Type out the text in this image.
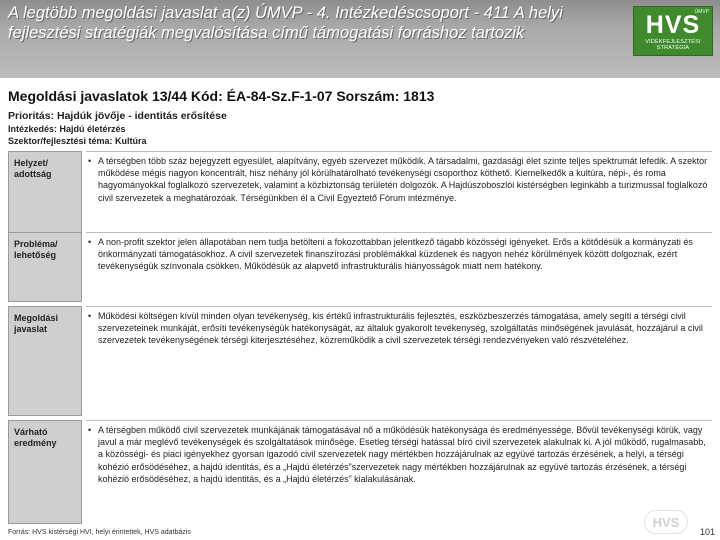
A legtöbb megoldási javaslat a(z) ÚMVP - 4. Intézkedéscsoport - 411 A helyi fejlesztési stratégiák megvalósítása című támogatási forráshoz tartozik
ÚMVP
HVS
VIDÉKFEJLESZTÉSI STRATÉGIA
Megoldási javaslatok 13/44 Kód: ÉA-84-Sz.F-1-07 Sorszám: 1813
Prioritás: Hajdúk jövője - identitás erősítése
Intézkedés: Hajdú életérzés
Szektor/fejlesztési téma: Kultúra
Helyzet/ adottság
• A térségben több száz bejegyzett egyesület, alapítvány, egyéb szervezet működik. A társadalmi, gazdasági élet szinte teljes spektrumát lefedik. A szektor működése mégis nagyon koncentrált, hisz néhány jól körülhatárolható tevékenységi csoporthoz köthető. Kiemelkedők a kultúra, népi-, és roma hagyományokkal foglalkozó szervezetek, valamint a közbiztonság területén dolgozók. A Hajdúszoboszlói kistérségben leginkább a turizmussal foglalkozó civil szervezetek a meghatározóak. Térségünkben él a Civil Egyeztető Fórum intézménye.
Probléma/ lehetőség
• A non-profit szektor jelen állapotában nem tudja betölteni a fokozottabban jelentkező tágabb közösségi igényeket. Erős a kötődésük a kormányzati és önkormányzati támogatásokhoz. A civil szervezetek finanszírozási problémákkal küzdenek és nagyon nehéz körülmények között dolgoznak, ezért tevékenységük színvonala csökken. Működésük az alapvető infrastrukturális hiányosságok miatt nem hatékony.
Megoldási javaslat
• Működési költségen kívül minden olyan tevékenység, kis értékű infrastrukturális fejlesztés, eszközbeszerzés támogatása, amely segíti a térségi civil szervezeteinek munkáját, erősíti tevékenységük hatékonyságát, az általuk gyakorolt tevékenység, szolgáltatás minőségének javulását, hozzájárul a civil szervezetek tevékenységének térségi kiterjesztéséhez, közreműködik a civil szervezetek térségi rendezvényeken való részvételéhez.
Várható eredmény
• A térségben működő civil szervezetek munkájának támogatásával nő a működésük hatékonysága és eredményessége. Bővül tevékenységi körük, vagy javul a már meglévő tevékenységek és szolgáltatások minősége. Esetleg térségi hatással bíró civil szervezetek alakulnak ki. A jól működő, rugalmasabb, a közösségi- és piaci igényekhez gyorsan igazodó civil szervezetek nagy mértékben hozzájárulnak az együvé tartozás érzésének, a helyi, a térségi kohézió erősödéséhez, a hajdú identitás, és a „Hajdú életérzés”szervezetek nagy mértékben hozzájárulnak az együvé tartozás érzésének, a térségi kohézió erősödéséhez, a hajdú identitás, és a „Hajdú életérzés” kialakulásának.
HVS
Forrás: HVS kistérségi HVI, helyi érintettek, HVS adatbázis	101
